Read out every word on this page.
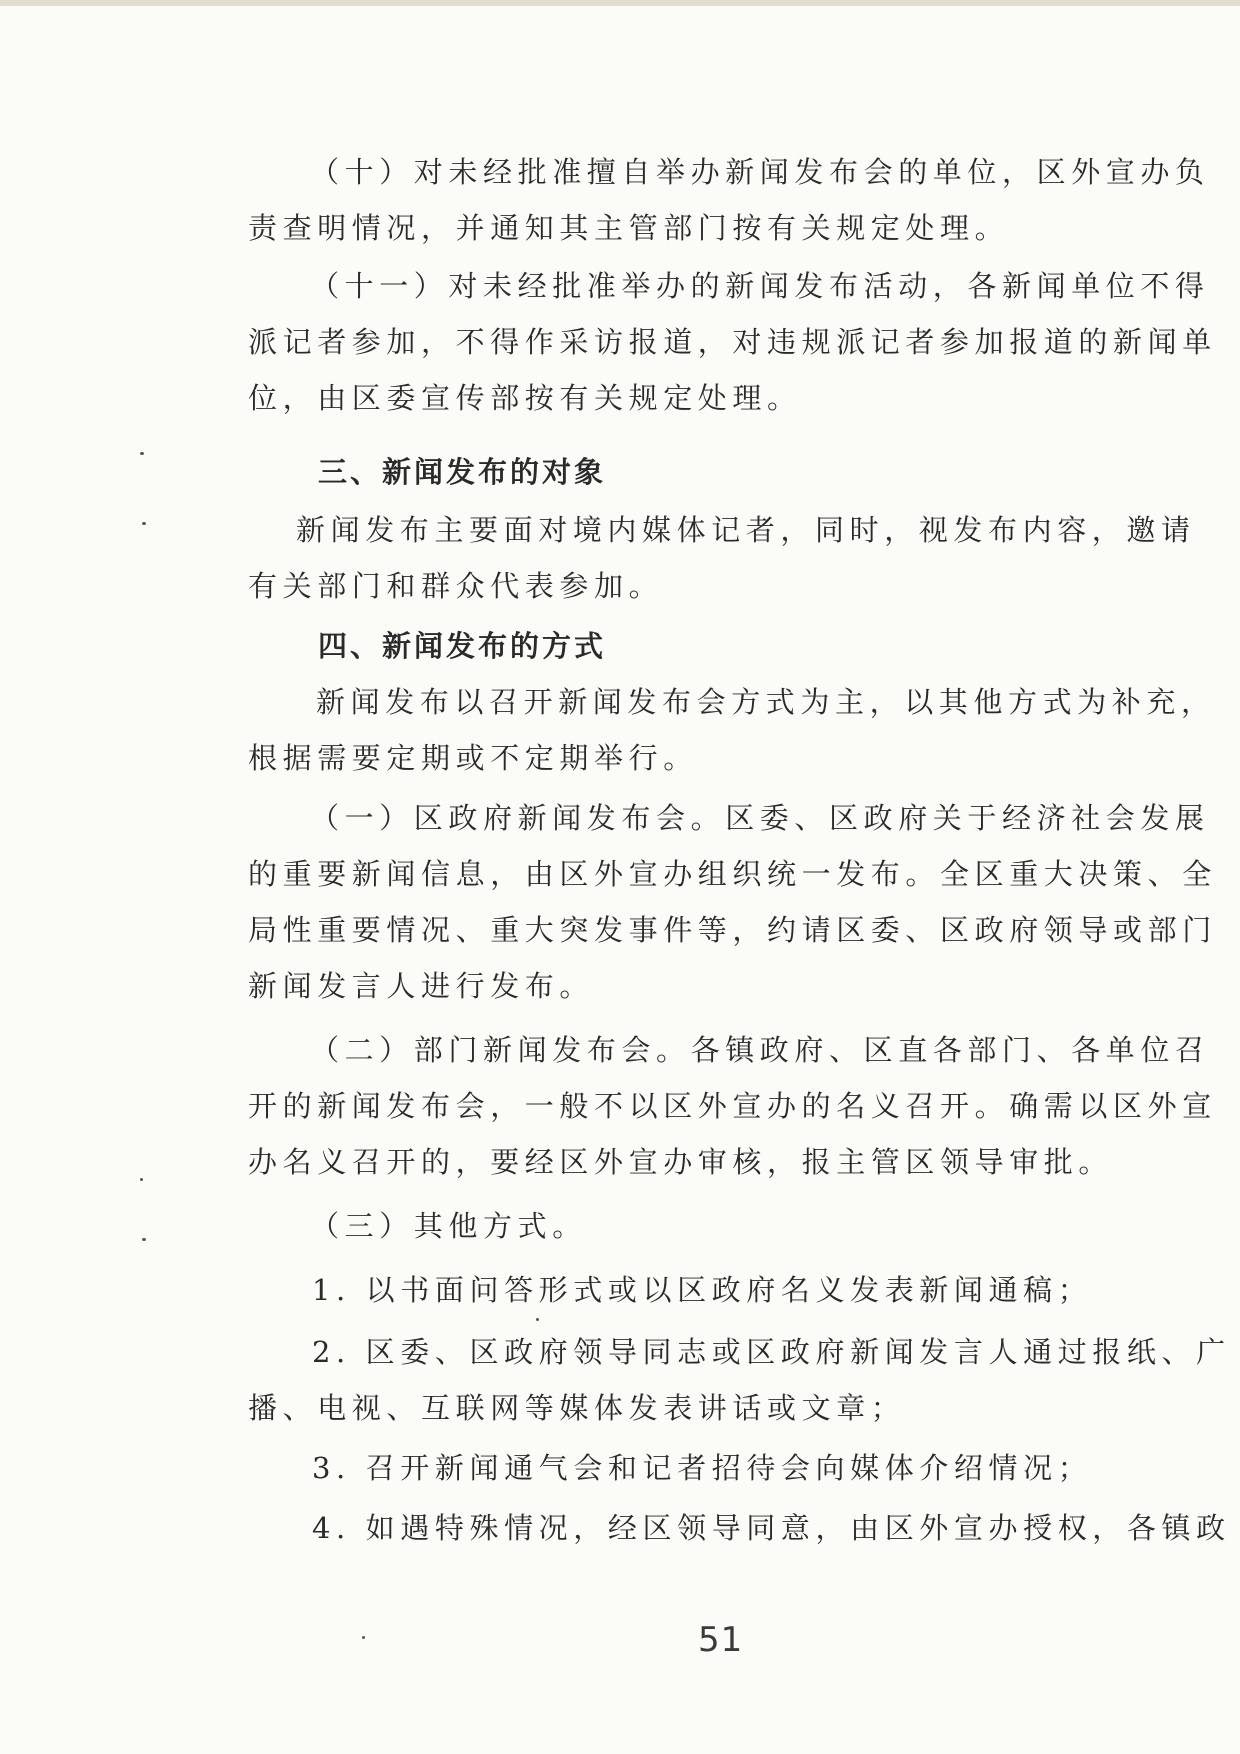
（十）对未经批准擅自举办新闻发布会的单位，区外宣办负
责查明情况，并通知其主管部门按有关规定处理。
（十一）对未经批准举办的新闻发布活动，各新闻单位不得
派记者参加，不得作采访报道，对违规派记者参加报道的新闻单
位，由区委宣传部按有关规定处理。
三、新闻发布的对象
新闻发布主要面对境内媒体记者，同时，视发布内容，邀请
有关部门和群众代表参加。
四、新闻发布的方式
新闻发布以召开新闻发布会方式为主，以其他方式为补充，
根据需要定期或不定期举行。
（一）区政府新闻发布会。区委、区政府关于经济社会发展
的重要新闻信息，由区外宣办组织统一发布。全区重大决策、全
局性重要情况、重大突发事件等，约请区委、区政府领导或部门
新闻发言人进行发布。
（二）部门新闻发布会。各镇政府、区直各部门、各单位召
开的新闻发布会，一般不以区外宣办的名义召开。确需以区外宣
办名义召开的，要经区外宣办审核，报主管区领导审批。
（三）其他方式。
1. 以书面问答形式或以区政府名义发表新闻通稿；
2. 区委、区政府领导同志或区政府新闻发言人通过报纸、广
播、电视、互联网等媒体发表讲话或文章；
3. 召开新闻通气会和记者招待会向媒体介绍情况；
4. 如遇特殊情况，经区领导同意，由区外宣办授权，各镇政
51
